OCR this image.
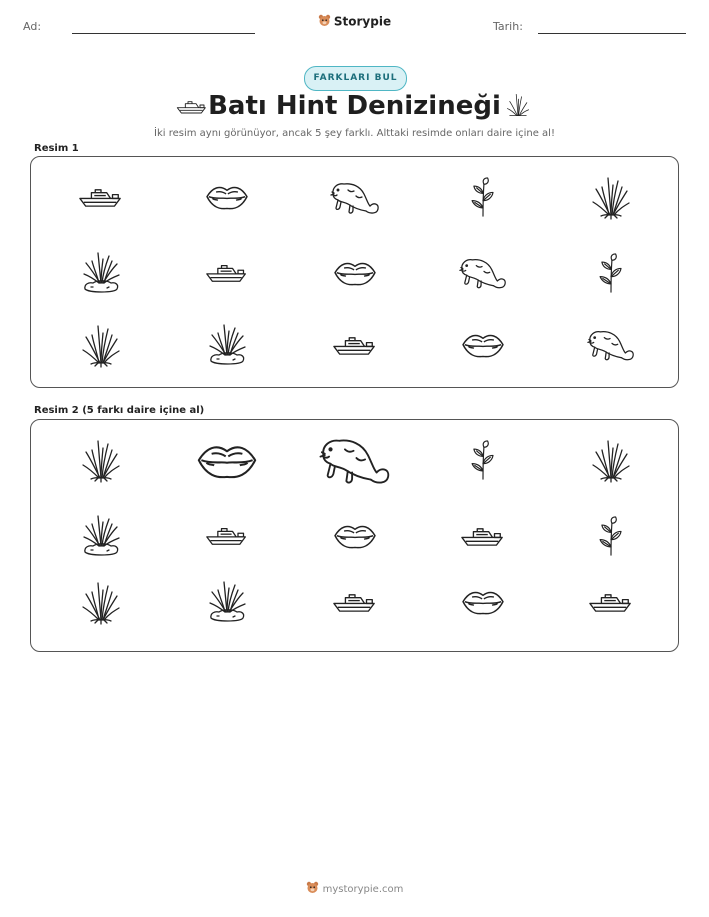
Ad:	Storypie	Tarih:
FARKLARI BUL
Batı Hint Denizineği
İki resim aynı görünüyor, ancak 5 şey farklı. Alttaki resimde onları daire içine al!
Resim 1
Resim 2 (5 farkı daire içine al)
mystorypie.com
